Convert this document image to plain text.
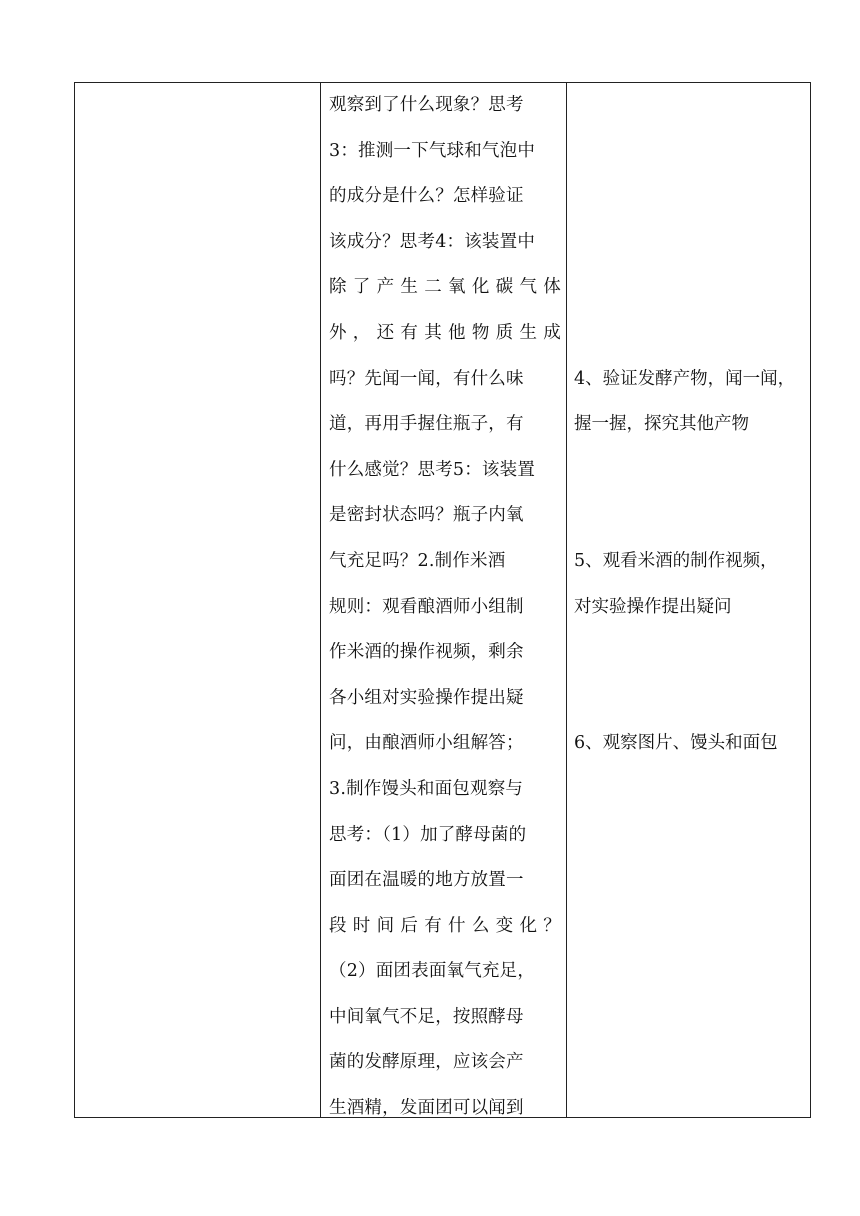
观察到了什么现象？思考
3：推测一下气球和气泡中
的成分是什么？怎样验证
该成分？思考4：该装置中
除了产生二氧化碳气体
外，还有其他物质生成
吗？先闻一闻，有什么味
道，再用手握住瓶子，有
什么感觉？思考5：该装置
是密封状态吗？瓶子内氧
气充足吗？2.制作米酒
规则：观看酿酒师小组制
作米酒的操作视频，剩余
各小组对实验操作提出疑
问，由酿酒师小组解答；
3.制作馒头和面包观察与
思考：（1）加了酵母菌的
面团在温暖的地方放置一
段时间后有什么变化？
（2）面团表面氧气充足，
中间氧气不足，按照酵母
菌的发酵原理，应该会产
生酒精，发面团可以闻到
4、验证发酵产物，闻一闻，
握一握，探究其他产物
5、观看米酒的制作视频，
对实验操作提出疑问
6、观察图片、馒头和面包
